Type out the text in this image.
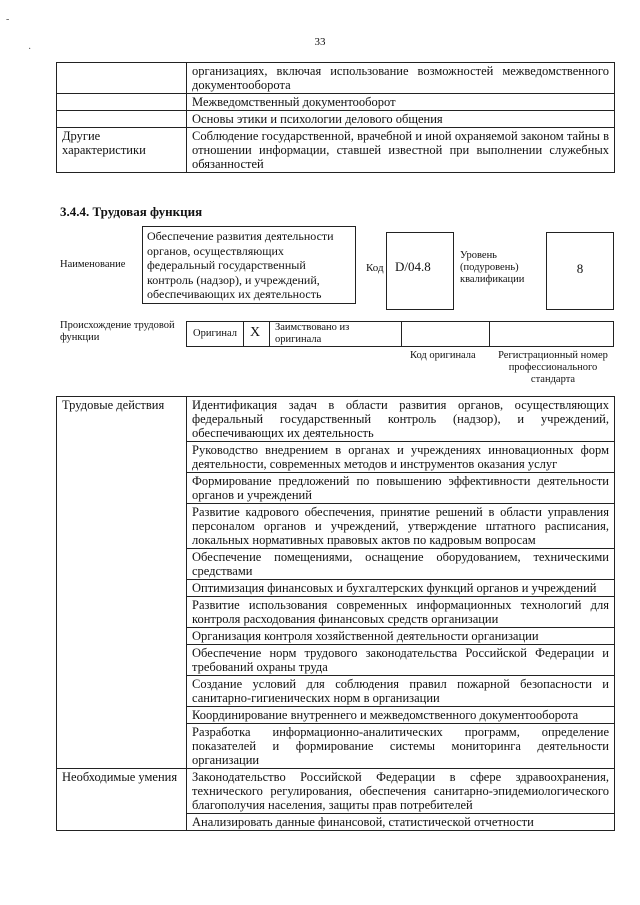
-
·
33
	организациях, включая использование возможностей межведомственного документооборота
	Межведомственный документооборот
	Основы этики и психологии делового общения
Другие характеристики	Соблюдение государственной, врачебной и иной охраняемой законом тайны в отношении информации, ставшей известной при выполнении служебных обязанностей
3.4.4. Трудовая функция
Наименование
Обеспечение развития деятельности органов, осуществляющих федеральный государственный контроль (надзор), и учреждений, обеспечивающих их деятельность
Код D/04.8
Уровень (подуровень) квалификации
8
Происхождение трудовой функции	Оригинал X Заимствовано из оригинала
Код оригинала	Регистрационный номер профессионального стандарта
Трудовые действия	Идентификация задач в области развития органов, осуществляющих федеральный государственный контроль (надзор), и учреждений, обеспечивающих их деятельность
	Руководство внедрением в органах и учреждениях инновационных форм деятельности, современных методов и инструментов оказания услуг
	Формирование предложений по повышению эффективности деятельности органов и учреждений
	Развитие кадрового обеспечения, принятие решений в области управления персоналом органов и учреждений, утверждение штатного расписания, локальных нормативных правовых актов по кадровым вопросам
	Обеспечение помещениями, оснащение оборудованием, техническими средствами
	Оптимизация финансовых и бухгалтерских функций органов и учреждений
	Развитие использования современных информационных технологий для контроля расходования финансовых средств организации
	Организация контроля хозяйственной деятельности организации
	Обеспечение норм трудового законодательства Российской Федерации и требований охраны труда
	Создание условий для соблюдения правил пожарной безопасности и санитарно-гигиенических норм в организации
	Координирование внутреннего и межведомственного документооборота
	Разработка информационно-аналитических программ, определение показателей и формирование системы мониторинга деятельности организации
Необходимые умения	Законодательство Российской Федерации в сфере здравоохранения, технического регулирования, обеспечения санитарно-эпидемиологического благополучия населения, защиты прав потребителей
	Анализировать данные финансовой, статистической отчетности
